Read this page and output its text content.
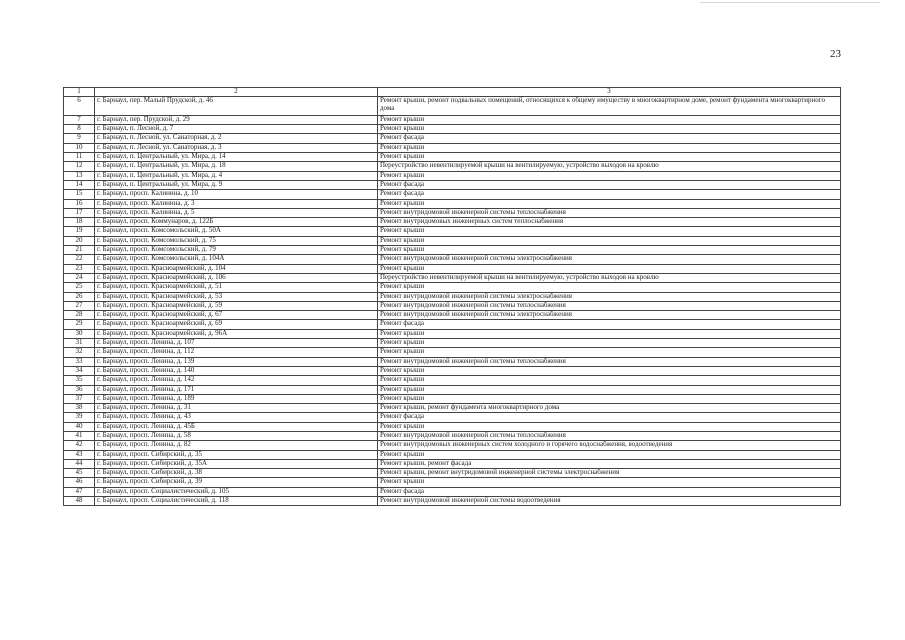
23
1	2	3
6	г. Барнаул, пер. Малый Прудской, д. 46	Ремонт крыши, ремонт подвальных помещений, относящихся к общему имуществу в многоквартирном доме, ремонт фундамента многоквартирного дома
7	г. Барнаул, пер. Прудской, д. 29	Ремонт крыши
8	г. Барнаул, п. Лесной, д. 7	Ремонт крыши
9	г. Барнаул, п. Лесной, ул. Санаторная, д. 2	Ремонт фасада
10	г. Барнаул, п. Лесной, ул. Санаторная, д. 3	Ремонт крыши
11	г. Барнаул, п. Центральный, ул. Мира, д. 14	Ремонт крыши
12	г. Барнаул, п. Центральный, ул. Мира, д. 18	Переустройство невентилируемой крыши на вентилируемую, устройство выходов на кровлю
13	г. Барнаул, п. Центральный, ул. Мира, д. 4	Ремонт крыши
14	г. Барнаул, п. Центральный, ул. Мира, д. 9	Ремонт фасада
15	г. Барнаул, просп. Калинина, д. 10	Ремонт фасада
16	г. Барнаул, просп. Калинина, д. 3	Ремонт крыши
17	г. Барнаул, просп. Калинина, д. 5	Ремонт внутридомовой инженерной системы теплоснабжения
18	г. Барнаул, просп. Коммунаров, д. 122Б	Ремонт внутридомовых инженерных систем теплоснабжения
19	г. Барнаул, просп. Комсомольский, д. 50А	Ремонт крыши
20	г. Барнаул, просп. Комсомольский, д. 75	Ремонт крыши
21	г. Барнаул, просп. Комсомольский, д. 79	Ремонт крыши
22	г. Барнаул, просп. Комсомольский, д. 104А	Ремонт внутридомовой инженерной системы электроснабжения
23	г. Барнаул, просп. Красноармейский, д. 104	Ремонт крыши
24	г. Барнаул, просп. Красноармейский, д. 106	Переустройство невентилируемой крыши на вентилируемую, устройство выходов на кровлю
25	г. Барнаул, просп. Красноармейский, д. 51	Ремонт крыши
26	г. Барнаул, просп. Красноармейский, д. 53	Ремонт внутридомовой инженерной системы электроснабжения
27	г. Барнаул, просп. Красноармейский, д. 59	Ремонт внутридомовой инженерной системы теплоснабжения
28	г. Барнаул, просп. Красноармейский, д. 67	Ремонт внутридомовой инженерной системы электроснабжения
29	г. Барнаул, просп. Красноармейский, д. 69	Ремонт фасада
30	г. Барнаул, просп. Красноармейский, д. 96А	Ремонт крыши
31	г. Барнаул, просп. Ленина, д. 107	Ремонт крыши
32	г. Барнаул, просп. Ленина, д. 112	Ремонт крыши
33	г. Барнаул, просп. Ленина, д. 139	Ремонт внутридомовой инженерной системы теплоснабжения
34	г. Барнаул, просп. Ленина, д. 140	Ремонт крыши
35	г. Барнаул, просп. Ленина, д. 142	Ремонт крыши
36	г. Барнаул, просп. Ленина, д. 171	Ремонт крыши
37	г. Барнаул, просп. Ленина, д. 189	Ремонт крыши
38	г. Барнаул, просп. Ленина, д. 31	Ремонт крыши, ремонт фундамента многоквартирного дома
39	г. Барнаул, просп. Ленина, д. 43	Ремонт фасада
40	г. Барнаул, просп. Ленина, д. 45Б	Ремонт крыши
41	г. Барнаул, просп. Ленина, д. 58	Ремонт внутридомовой инженерной системы теплоснабжения
42	г. Барнаул, просп. Ленина, д. 82	Ремонт внутридомовых инженерных систем холодного и горячего водоснабжения, водоотведения
43	г. Барнаул, просп. Сибирский, д. 35	Ремонт крыши
44	г. Барнаул, просп. Сибирский, д. 35А	Ремонт крыши, ремонт фасада
45	г. Барнаул, просп. Сибирский, д. 38	Ремонт крыши, ремонт внутридомовой инженерной системы электроснабжения
46	г. Барнаул, просп. Сибирский, д. 39	Ремонт крыши
47	г. Барнаул, просп. Социалистический, д. 105	Ремонт фасада
48	г. Барнаул, просп. Социалистический, д. 118	Ремонт внутридомовой инженерной системы водоотведения
